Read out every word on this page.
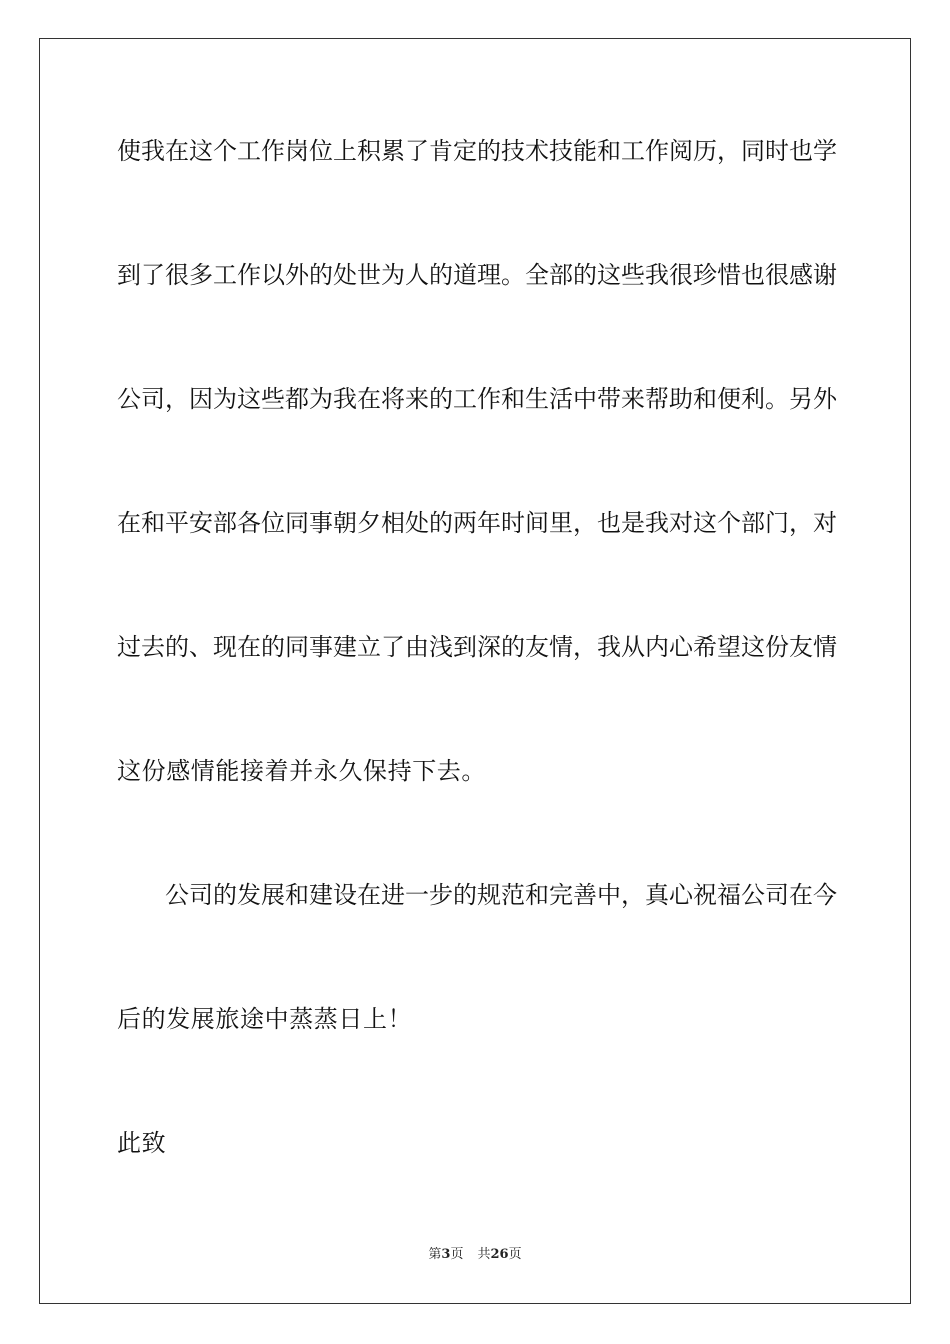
使我在这个工作岗位上积累了肯定的技术技能和工作阅历，同时也学
到了很多工作以外的处世为人的道理。全部的这些我很珍惜也很感谢
公司，因为这些都为我在将来的工作和生活中带来帮助和便利。另外
在和平安部各位同事朝夕相处的两年时间里，也是我对这个部门，对
过去的、现在的同事建立了由浅到深的友情，我从内心希望这份友情
这份感情能接着并永久保持下去。
公司的发展和建设在进一步的规范和完善中，真心祝福公司在今
后的发展旅途中蒸蒸日上！
此致
第3页 共26页
